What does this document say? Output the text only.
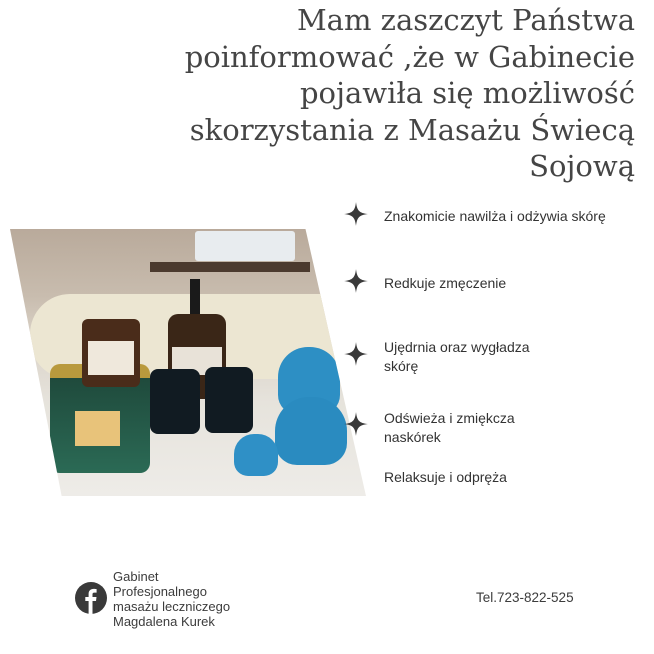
Mam zaszczyt Państwa
poinformować ,że w Gabinecie
pojawiła się możliwość
skorzystania z Masażu Świecą
Sojową
Znakomicie nawilża i odżywia skórę
Redkuje zmęczenie
Ujędrnia oraz wygładza
skórę
Odświeża i zmiękcza
naskórek
Relaksuje i odpręża
Gabinet
Profesjonalnego
masażu leczniczego
Magdalena Kurek
Tel.723-822-525
